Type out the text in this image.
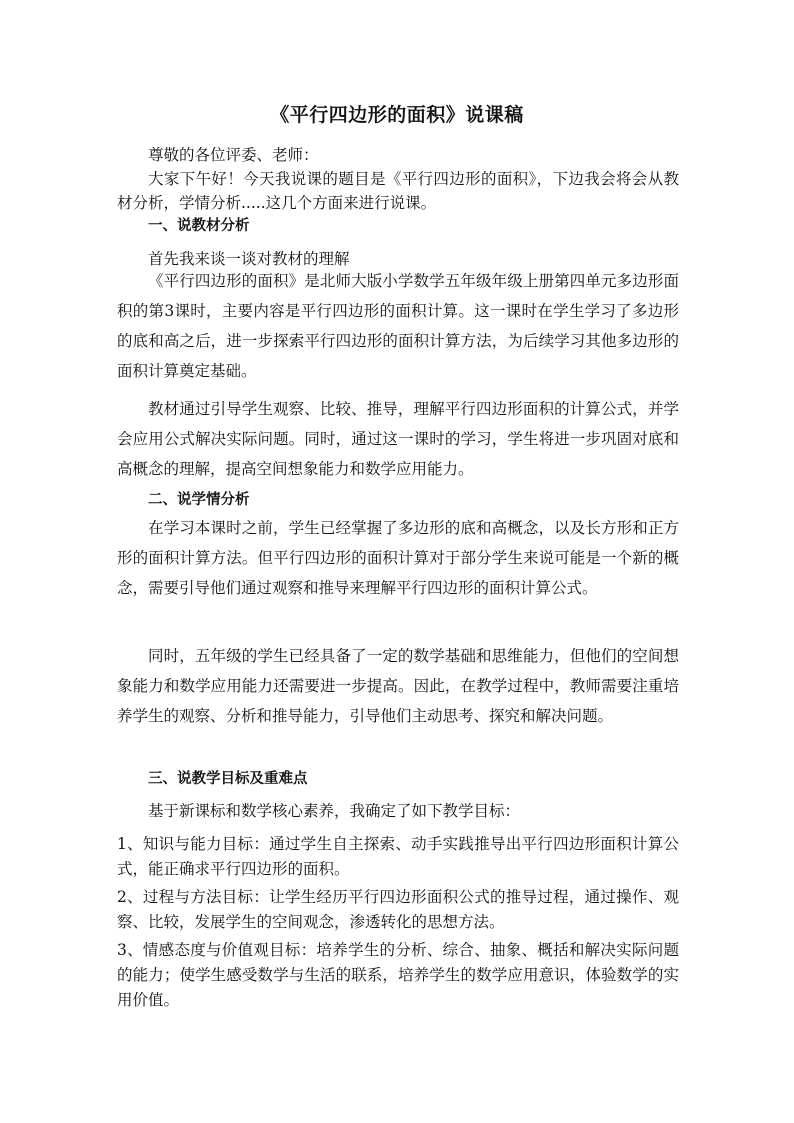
《平行四边形的面积》说课稿

尊敬的各位评委、老师：

大家下午好！今天我说课的题目是《平行四边形的面积》，下边我会将会从教材分析，学情分析.....这几个方面来进行说课。

一、说教材分析

首先我来谈一谈对教材的理解

《平行四边形的面积》是北师大版小学数学五年级年级上册第四单元多边形面积的第3课时，主要内容是平行四边形的面积计算。这一课时在学生学习了多边形的底和高之后，进一步探索平行四边形的面积计算方法，为后续学习其他多边形的面积计算奠定基础。

教材通过引导学生观察、比较、推导，理解平行四边形面积的计算公式，并学会应用公式解决实际问题。同时，通过这一课时的学习，学生将进一步巩固对底和高概念的理解，提高空间想象能力和数学应用能力。

二、说学情分析

在学习本课时之前，学生已经掌握了多边形的底和高概念，以及长方形和正方形的面积计算方法。但平行四边形的面积计算对于部分学生来说可能是一个新的概念，需要引导他们通过观察和推导来理解平行四边形的面积计算公式。

同时，五年级的学生已经具备了一定的数学基础和思维能力，但他们的空间想象能力和数学应用能力还需要进一步提高。因此，在教学过程中，教师需要注重培养学生的观察、分析和推导能力，引导他们主动思考、探究和解决问题。

三、说教学目标及重难点

基于新课标和数学核心素养，我确定了如下教学目标：

1、知识与能力目标：通过学生自主探索、动手实践推导出平行四边形面积计算公式，能正确求平行四边形的面积。

2、过程与方法目标：让学生经历平行四边形面积公式的推导过程，通过操作、观察、比较，发展学生的空间观念，渗透转化的思想方法。

3、情感态度与价值观目标：培养学生的分析、综合、抽象、概括和解决实际问题的能力；使学生感受数学与生活的联系，培养学生的数学应用意识，体验数学的实用价值。
